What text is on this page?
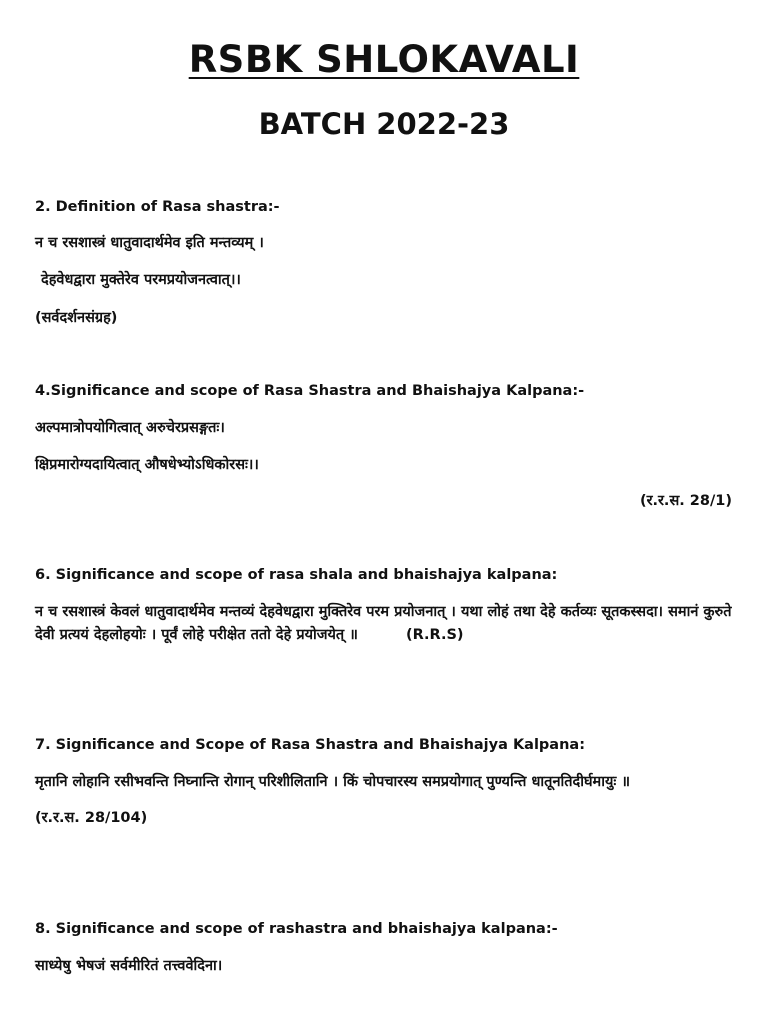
RSBK SHLOKAVALI
BATCH 2022-23

2. Definition of Rasa shastra:-

न च रसशास्त्रं धातुवादार्थमेव इति मन्तव्यम् ।

देहवेधद्वारा मुक्तेरेव परमप्रयोजनत्वात्।।

(सर्वदर्शनसंग्रह)

4.Significance and scope of Rasa Shastra and Bhaishajya Kalpana:-

अल्पमात्रोपयोगित्वात् अरुचेरप्रसङ्गतः।

क्षिप्रमारोग्यदायित्वात् औषधेभ्योऽधिकोरसः।।

(र.र.स. 28/1)

6. Significance and scope of rasa shala and bhaishajya kalpana:

न च रसशास्त्रं केवलं धातुवादार्थमेव मन्तव्यं देहवेधद्वारा मुक्तिरेव परम प्रयोजनात् । यथा लोहं तथा देहे कर्तव्यः सूतकस्सदा। समानं कुरुते देवी प्रत्ययं देहलोहयोः । पूर्वं लोहे परीक्षेत ततो देहे प्रयोजयेत् ॥	(R.R.S)

7. Significance and Scope of Rasa Shastra and Bhaishajya Kalpana:

मृतानि लोहानि रसीभवन्ति निघ्नान्ति रोगान् परिशीलितानि । किं चोपचारस्य समप्रयोगात् पुण्यन्ति धातूनतिदीर्घमायुः ॥

(र.र.स. 28/104)

8. Significance and scope of rashastra and bhaishajya kalpana:-

साध्येषु भेषजं सर्वमीरितं तत्त्ववेदिना।
